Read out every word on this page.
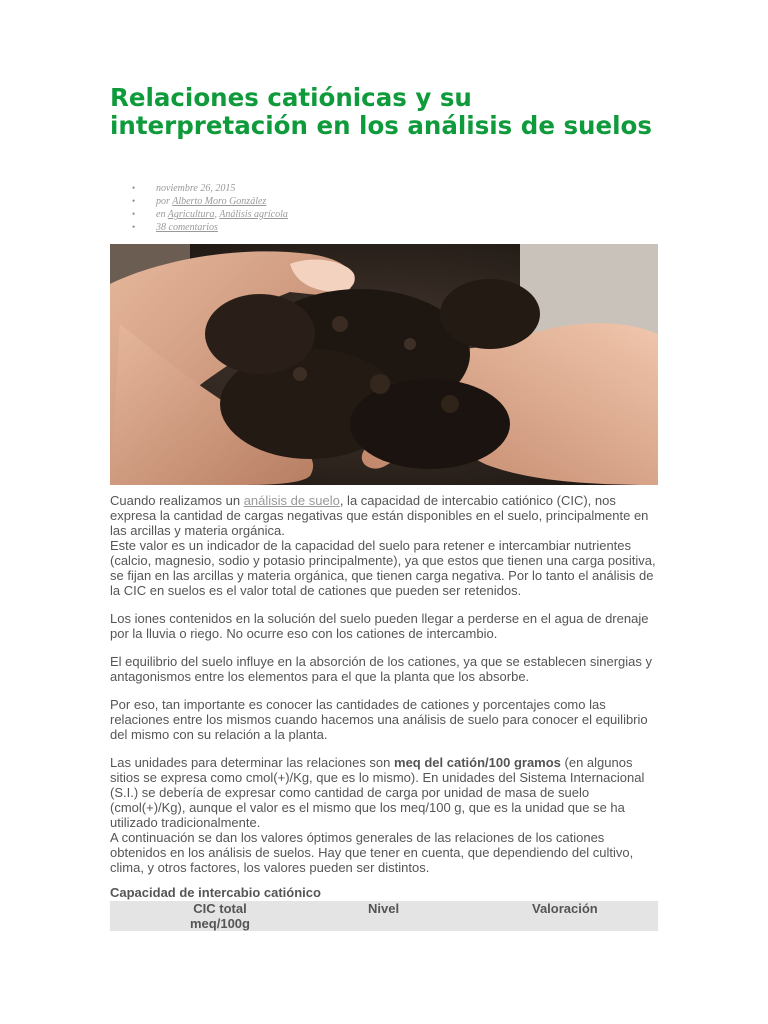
Relaciones catiónicas y su interpretación en los análisis de suelos
• noviembre 26, 2015
• por Alberto Moro González
• en Agricultura, Análisis agrícola
• 38 comentarios

Cuando realizamos un análisis de suelo, la capacidad de intercabio catiónico (CIC), nos expresa la cantidad de cargas negativas que están disponibles en el suelo, principalmente en las arcillas y materia orgánica.

Este valor es un indicador de la capacidad del suelo para retener e intercambiar nutrientes (calcio, magnesio, sodio y potasio principalmente), ya que estos que tienen una carga positiva, se fijan en las arcillas y materia orgánica, que tienen carga negativa. Por lo tanto el análisis de la CIC en suelos es el valor total de cationes que pueden ser retenidos.

Los iones contenidos en la solución del suelo pueden llegar a perderse en el agua de drenaje por la lluvia o riego. No ocurre eso con los cationes de intercambio.

El equilibrio del suelo influye en la absorción de los cationes, ya que se establecen sinergias y antagonismos entre los elementos para el que la planta que los absorbe.

Por eso, tan importante es conocer las cantidades de cationes y porcentajes como las relaciones entre los mismos cuando hacemos una análisis de suelo para conocer el equilibrio del mismo con su relación a la planta.

Las unidades para determinar las relaciones son meq del catión/100 gramos (en algunos sitios se expresa como cmol(+)/Kg, que es lo mismo). En unidades del Sistema Internacional (S.I.) se debería de expresar como cantidad de carga por unidad de masa de suelo (cmol(+)/Kg), aunque el valor es el mismo que los meq/100 g, que es la unidad que se ha utilizado tradicionalmente.

A continuación se dan los valores óptimos generales de las relaciones de los cationes obtenidos en los análisis de suelos. Hay que tener en cuenta, que dependiendo del cultivo, clima, y otros factores, los valores pueden ser distintos.

Capacidad de intercabio catiónico
CIC total meq/100g
Nivel	Valoración
